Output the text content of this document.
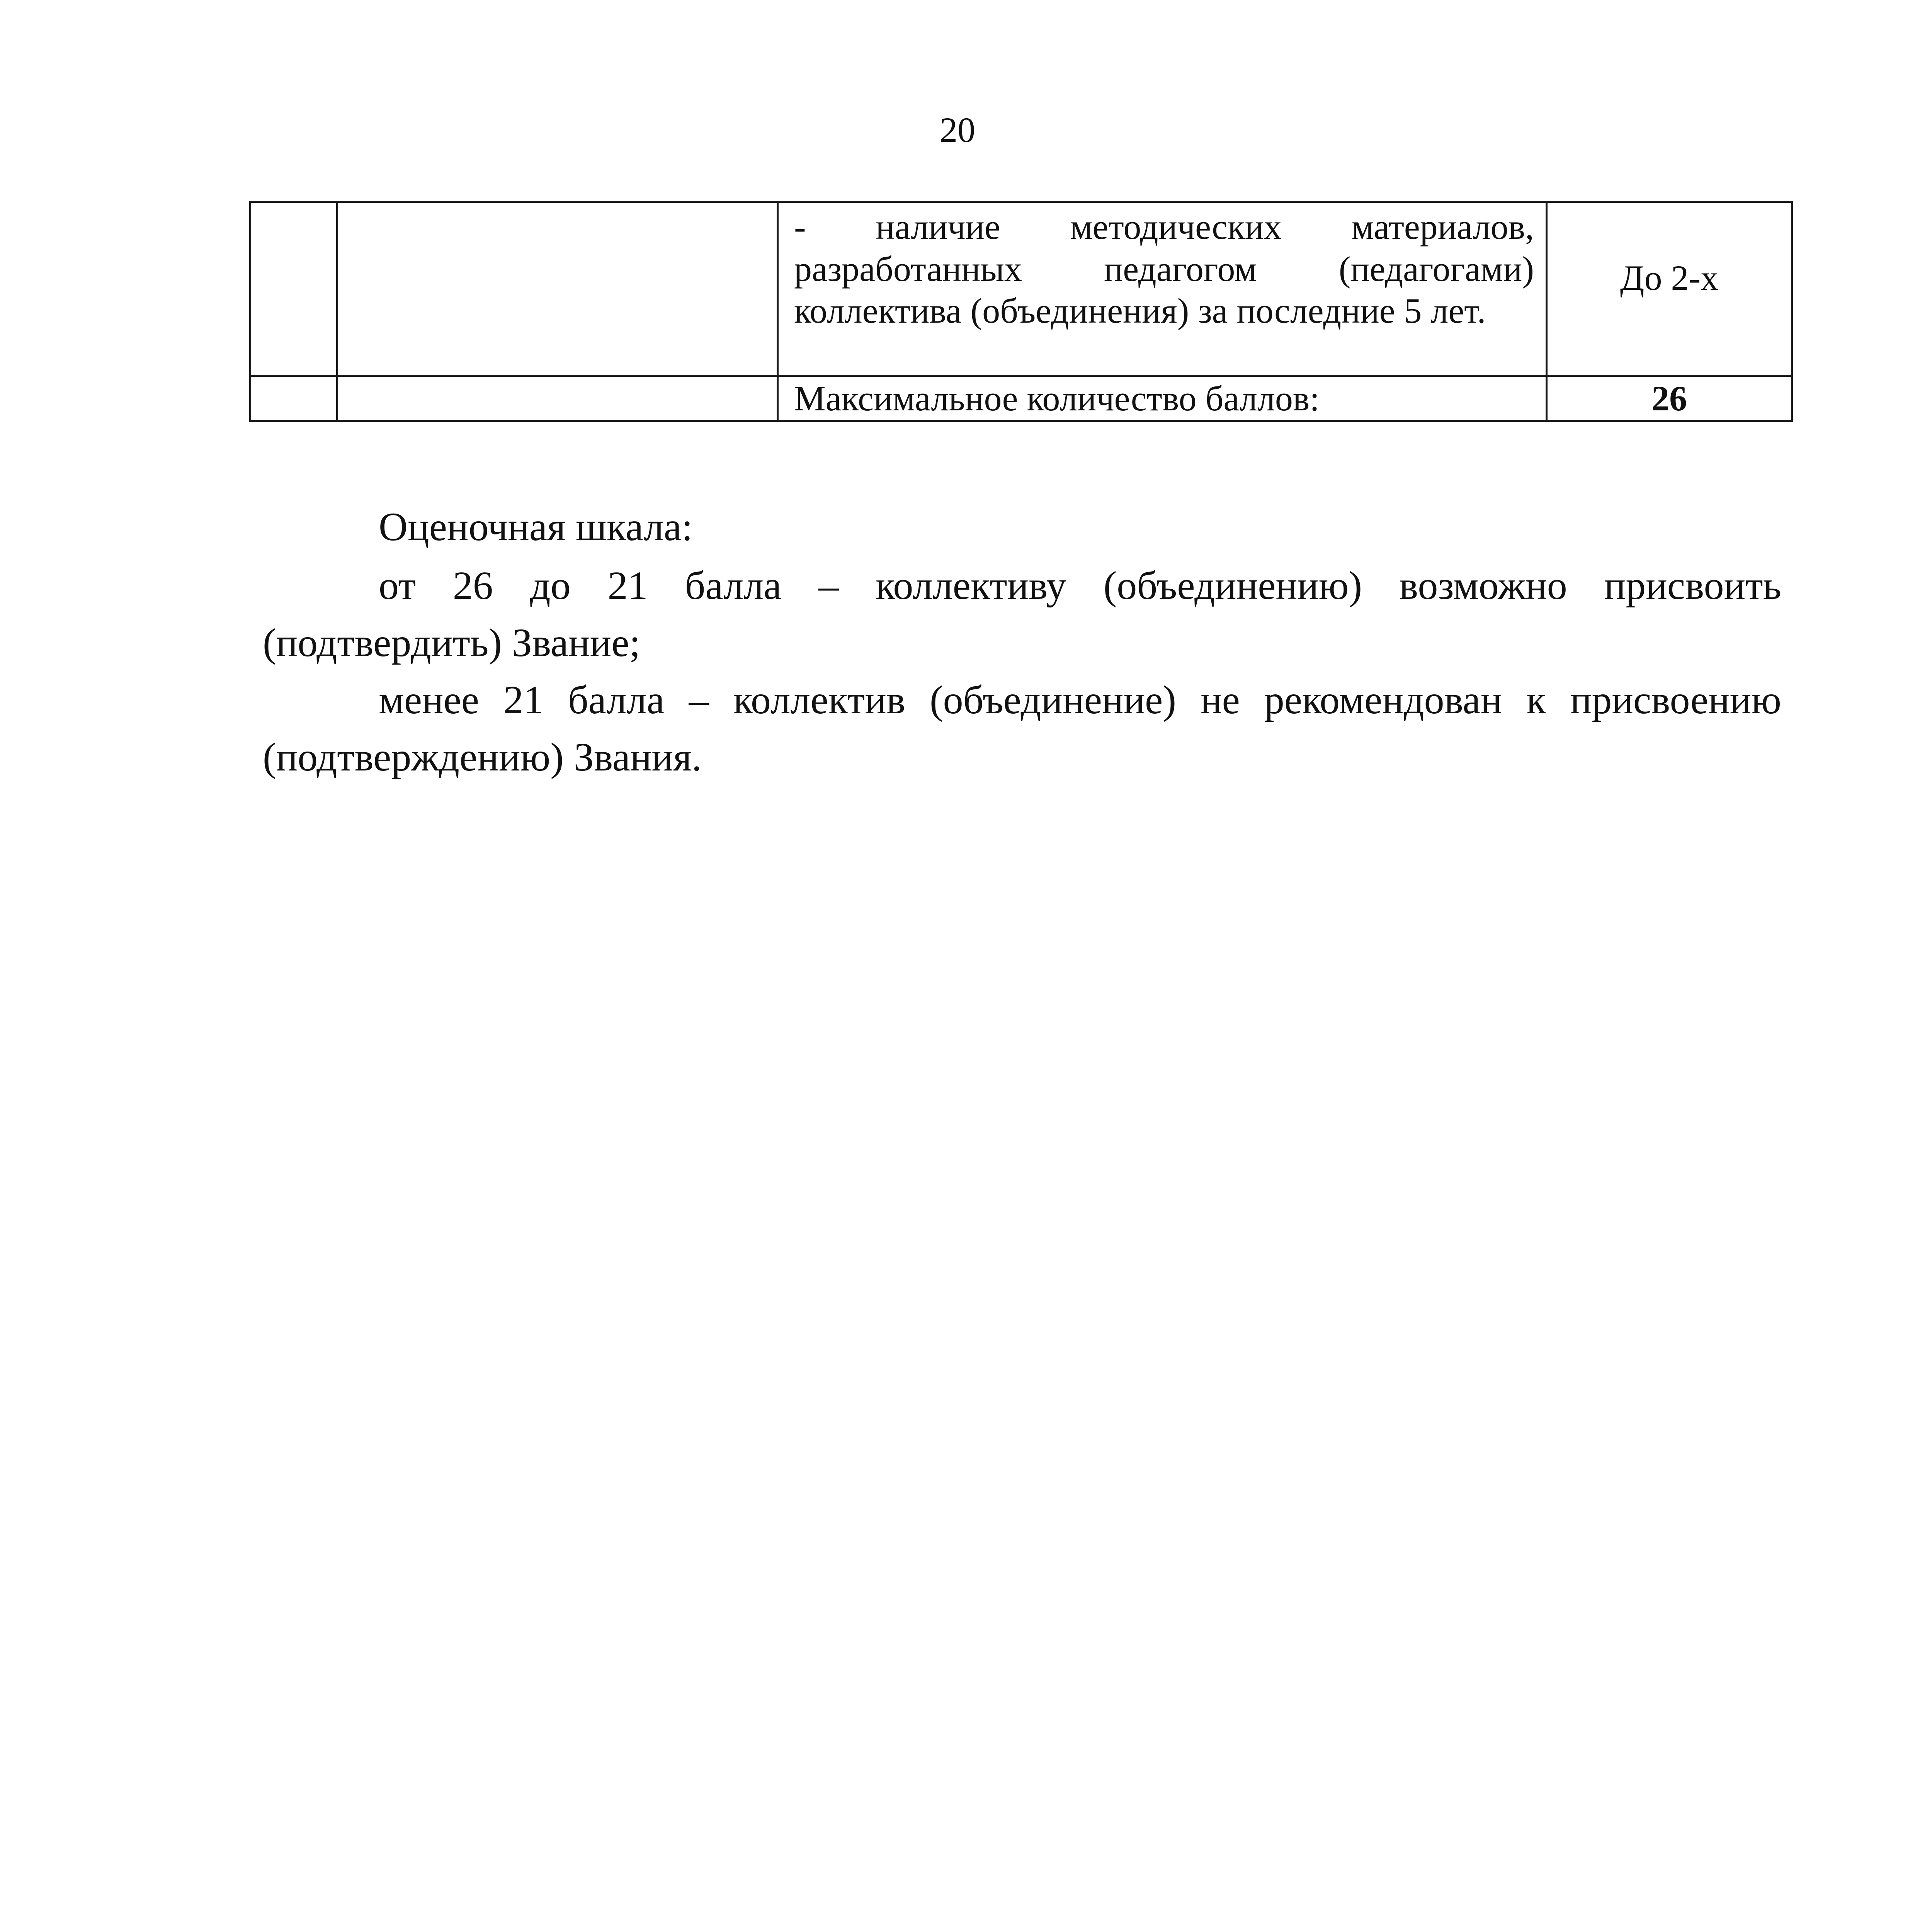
20
		- наличие методических материалов, разработанных педагогом (педагогами) коллектива (объединения) за последние 5 лет.	До 2-х
		Максимальное количество баллов:	26

Оценочная шкала:

от 26 до 21 балла – коллективу (объединению) возможно присвоить (подтвердить) Звание;

менее 21 балла – коллектив (объединение) не рекомендован к присвоению (подтверждению) Звания.
